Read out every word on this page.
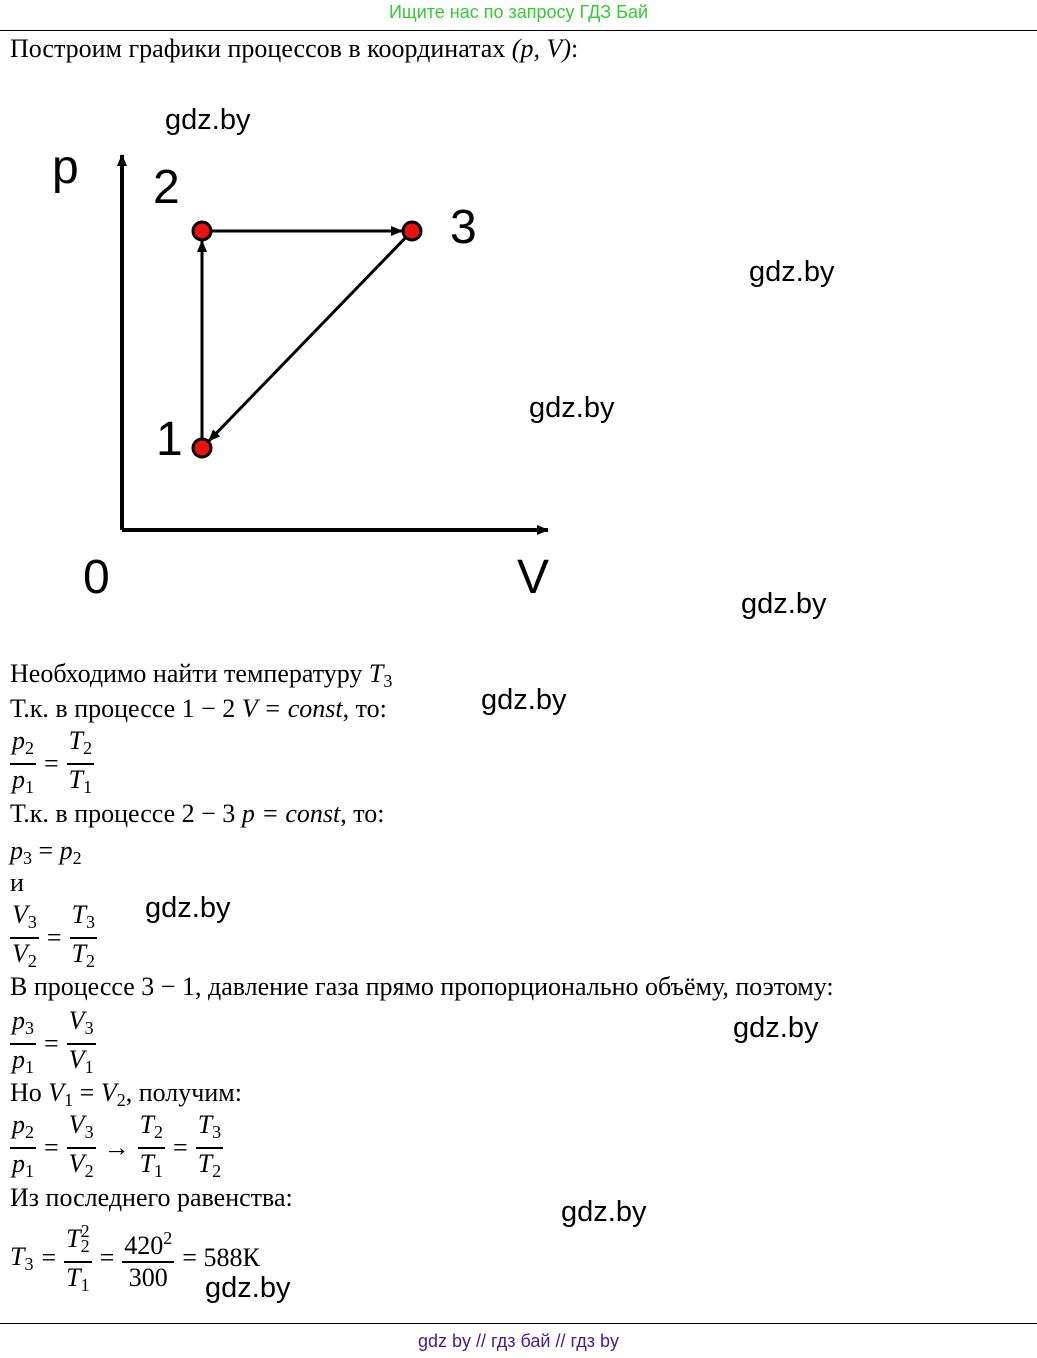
Ищите нас по запросу ГДЗ Бай
Построим графики процессов в координатах (p, V):
p
V
0
1
2
3
gdz.by
gdz.by
gdz.by
gdz.by
gdz.by
gdz.by
gdz.by
gdz.by
gdz.by
Необходимо найти температуру $T_3$
Т.к. в процессе 1 − 2 V = const, то:
$\frac{p_2}{p_1} = \frac{T_2}{T_1}$
Т.к. в процессе 2 − 3 p = const, то:
$p_3 = p_2$
и
$\frac{V_3}{V_2} = \frac{T_3}{T_2}$
В процессе 3 − 1, давление газа прямо пропорционально объёму, поэтому:
$\frac{p_3}{p_1} = \frac{V_3}{V_1}$
Но $V_1 = V_2$, получим:
$\frac{p_2}{p_1} = \frac{V_3}{V_2} \to \frac{T_2}{T_1} = \frac{T_3}{T_2}$
Из последнего равенства:
$T_3 = \frac{T_2^2}{T_1} = \frac{420^2}{300} = 588К$
gdz by // гдз бай // гдз by
